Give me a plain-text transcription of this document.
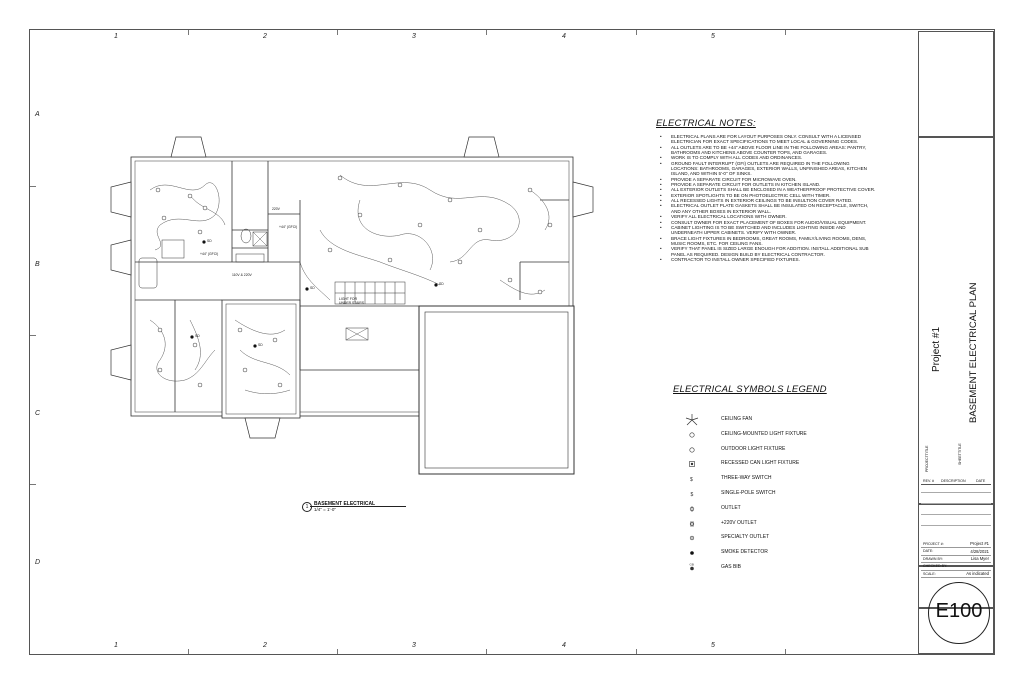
1
1
2
2
3
3
4
4
5
5
A
B
C
D
SD
SD
SD
SD
SD
220V
110V & 220V
+44" (GFCI)
+44" (GFCI)
LIGHT FOR UNDER STAIRS
1	BASEMENT ELECTRICAL
1/4" = 1'-0"
ELECTRICAL NOTES:
• ELECTRICAL PLANS ARE FOR LAYOUT PURPOSES ONLY. CONSULT WITH A LICENSED ELECTRICIAN FOR EXACT SPECIFICATIONS TO MEET LOCAL & GOVERNING CODES.
• ALL OUTLETS ARE TO BE +44" ABOVE FLOOR LINE IN THE FOLLOWING AREAS: PANTRY, BATHROOMS AND KITCHENS ABOVE COUNTER TOPS, AND GARAGES.
• WORK IS TO COMPLY WITH ALL CODES AND ORDINANCES.
• GROUND FAULT INTERRUPT (GFI) OUTLETS ARE REQUIRED IN THE FOLLOWING LOCATIONS: BATHROOMS, GARAGES, EXTERIOR WALLS, UNFINISHED AREAS, KITCHEN ISLAND, AND WITHIN 5'-0" OF SINKS.
• PROVIDE A SEPARATE CIRCUIT FOR MICROWAVE OVEN.
• PROVIDE A SEPARATE CIRCUIT FOR OUTLETS IN KITCHEN ISLAND.
• ALL EXTERIOR OUTLETS SHALL BE ENCLOSED IN A WEATHERPROOF PROTECTIVE COVER.
• EXTERIOR SPOTLIGHTS TO BE ON PHOTOELECTRIC CELL WITH TIMER.
• ALL RECESSED LIGHTS IN EXTERIOR CEILINGS TO BE INSULTION COVER RATED.
• ELECTRICAL OUTLET PLATE GASKETS SHALL BE INSULATED ON RECEPTACLE, SWITCH, AND ANY OTHER BOXES IN EXTERIOR WALL.
• VERIFY ALL ELECTRICAL LOCATIONS WITH OWNER.
• CONSULT OWNER FOR EXACT PLACEMENT OF BOXES FOR AUDIO/VISUAL EQUIPMENT.
• CABINET LIGHTING IS TO BE SWITCHED AND INCLUDES LIGHTING INSIDE AND UNDERNEATH UPPER CABINETS. VERIFY WITH OWNER.
• BRACE LIGHT FIXTURES IN BEDROOMS, GREAT ROOMS, FAMILY/LIVING ROOMS, DENS, MUSIC ROOMS, ETC. FOR CEILING FANS.
• VERIFY THAT PANEL IS SIZED LARGE ENOUGH FOR ADDITION. INSTALL ADDITIONAL SUB PANEL AS REQUIRED. DESIGN BUILD BY ELECTRICAL CONTRACTOR.
• CONTRACTOR TO INSTALL OWNER SPECIFIED FIXTURES.
ELECTRICAL SYMBOLS LEGEND
CEILING FAN
CEILING-MOUNTED LIGHT FIXTURE
OUTDOOR LIGHT FIXTURE
RECESSED CAN LIGHT FIXTURE
$	THREE-WAY SWITCH
$	SINGLE-POLE SWITCH
OUTLET
+220V OUTLET
SPECIALTY OUTLET
SMOKE DETECTOR
GB	GAS BIB
PROJECTTITLE
Project #1
SHEETTITLE
BASEMENT ELECTRICAL PLAN
REV. # DESCRIPTION	DATE
PROJECT #:	Project #1
DATE:	4/28/2021
DRAWN BY:	Lisa Myer
CHECKED BY:
SCALE:	As indicated
E100
